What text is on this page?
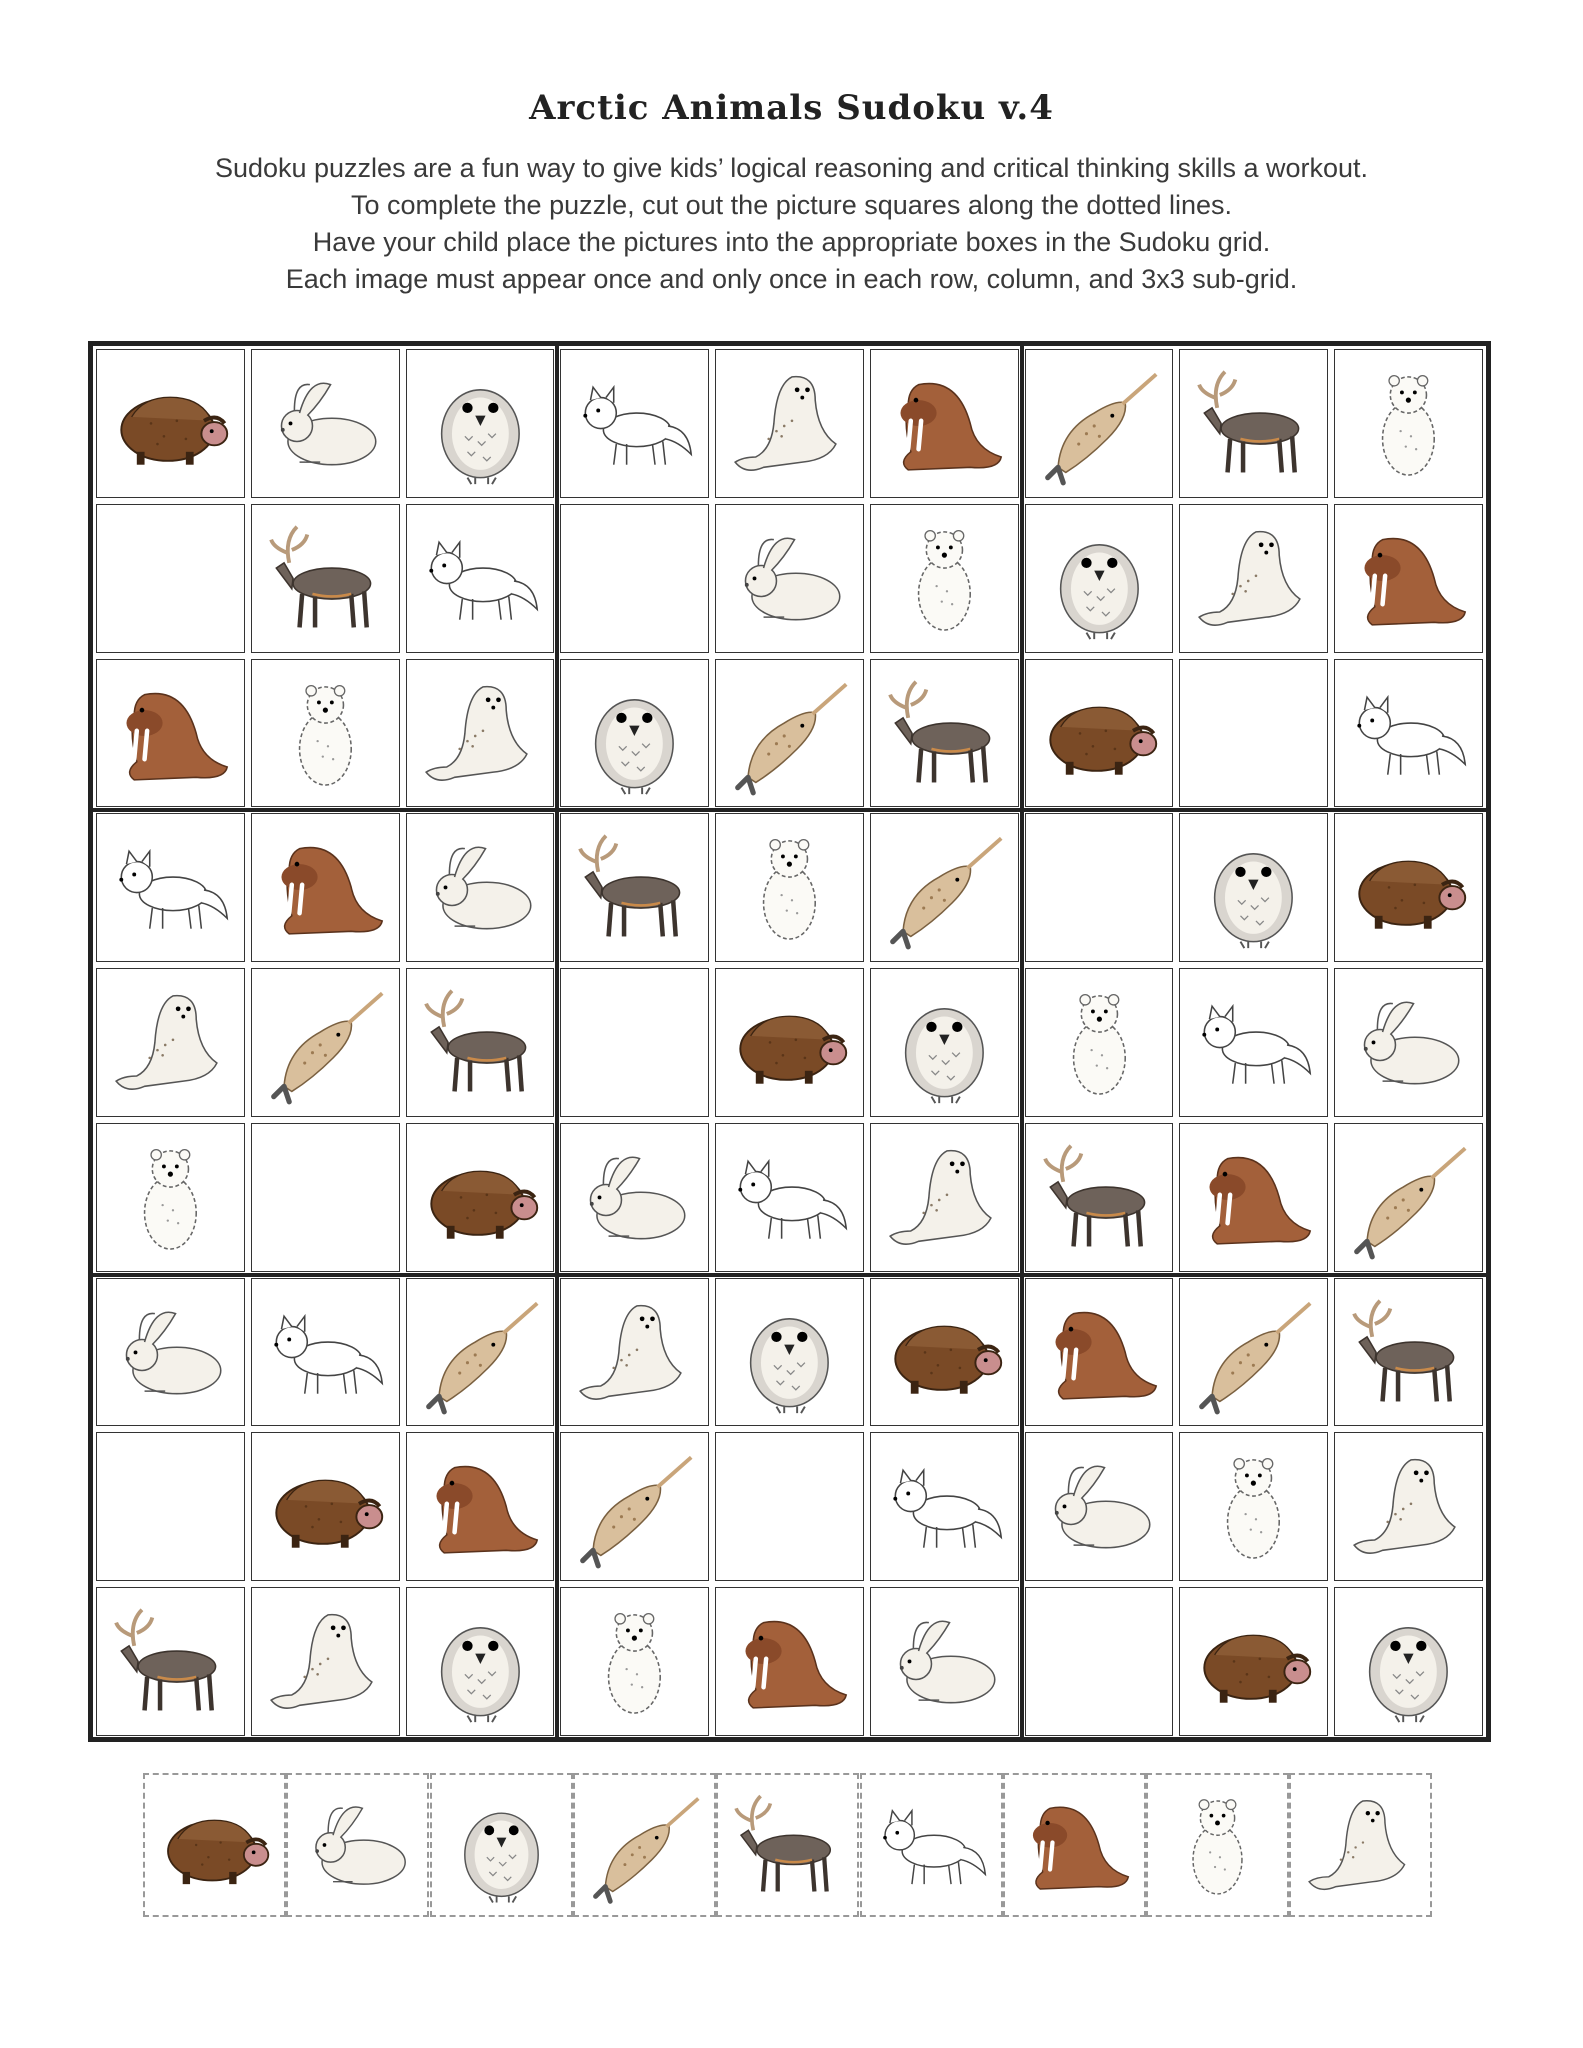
Arctic Animals Sudoku v.4
Sudoku puzzles are a fun way to give kids’ logical reasoning and critical thinking skills a workout.
To complete the puzzle, cut out the picture squares along the dotted lines.
Have your child place the pictures into the appropriate boxes in the Sudoku grid.
Each image must appear once and only once in each row, column, and 3x3 sub-grid.
